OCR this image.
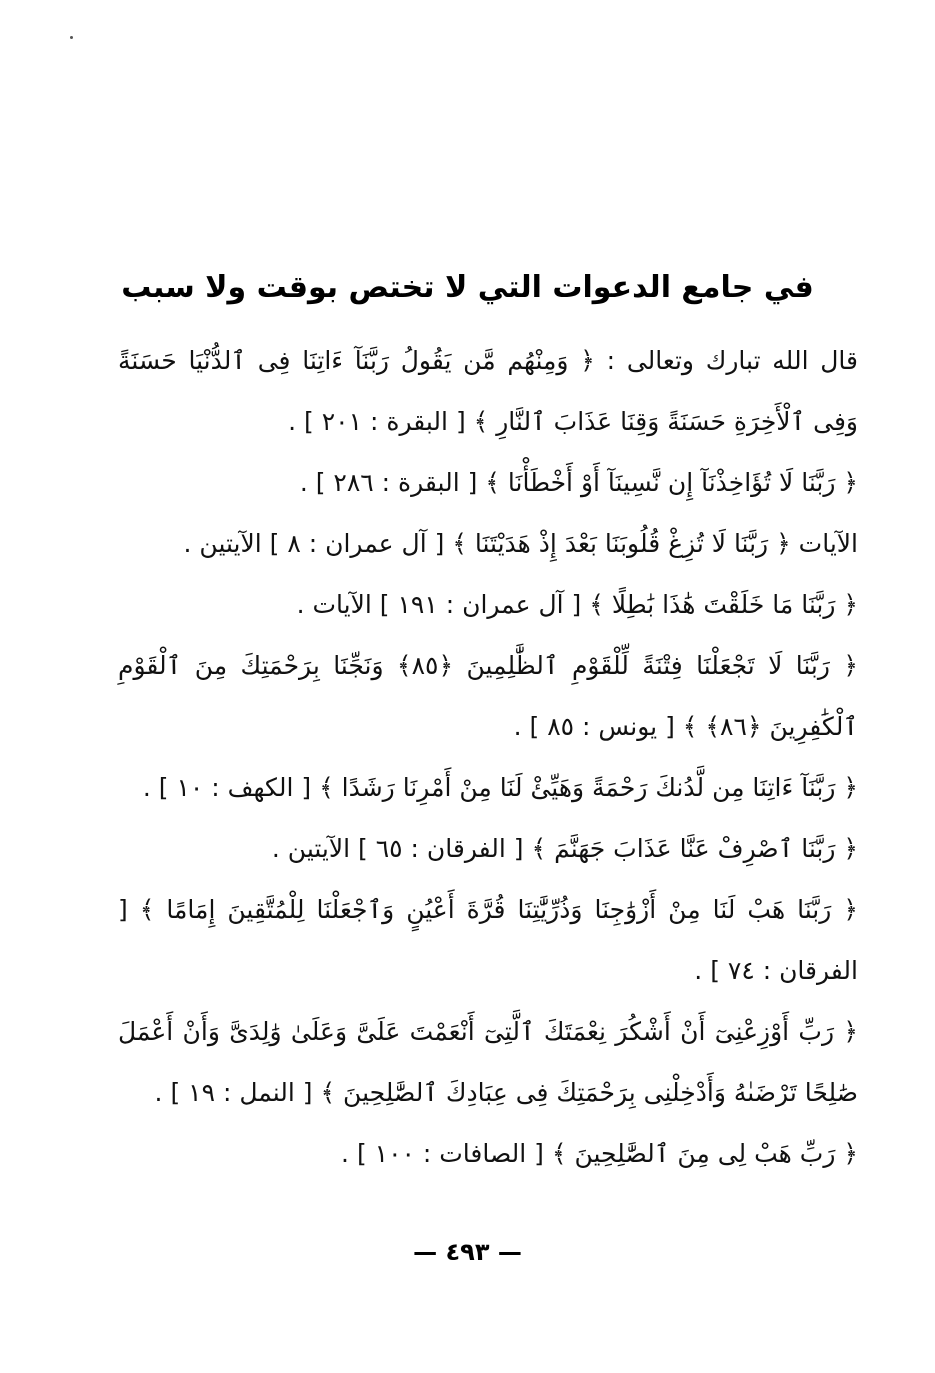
في جامع الدعوات التي لا تختص بوقت ولا سبب

قال الله تبارك وتعالى : ﴿ وَمِنْهُم مَّن يَقُولُ رَبَّنَآ ءَاتِنَا فِى ٱلدُّنْيَا حَسَنَةً وَفِى ٱلْأَخِرَةِ حَسَنَةً وَقِنَا عَذَابَ ٱلنَّارِ ﴾ [ البقرة : ٢٠١ ] .

﴿ رَبَّنَا لَا تُؤَاخِذْنَآ إِن نَّسِينَآ أَوْ أَخْطَأْنَا ﴾ [ البقرة : ٢٨٦ ] .

الآيات ﴿ رَبَّنَا لَا تُزِغْ قُلُوبَنَا بَعْدَ إِذْ هَدَيْتَنَا ﴾ [ آل عمران : ٨ ] الآيتين .

﴿ رَبَّنَا مَا خَلَقْتَ هَٰذَا بَٰطِلًا ﴾ [ آل عمران : ١٩١ ] الآيات .

﴿ رَبَّنَا لَا تَجْعَلْنَا فِتْنَةً لِّلْقَوْمِ ٱلظَّٰلِمِينَ ﴿٨٥﴾ وَنَجِّنَا بِرَحْمَتِكَ مِنَ ٱلْقَوْمِ ٱلْكَٰفِرِينَ ﴿٨٦﴾ ﴾ [ يونس : ٨٥ ] .

﴿ رَبَّنَآ ءَاتِنَا مِن لَّدُنكَ رَحْمَةً وَهَيِّئْ لَنَا مِنْ أَمْرِنَا رَشَدًا ﴾ [ الكهف : ١٠ ] .

﴿ رَبَّنَا ٱصْرِفْ عَنَّا عَذَابَ جَهَنَّمَ ﴾ [ الفرقان : ٦٥ ] الآيتين .

﴿ رَبَّنَا هَبْ لَنَا مِنْ أَزْوَٰجِنَا وَذُرِّيَّٰتِنَا قُرَّةَ أَعْيُنٍ وَٱجْعَلْنَا لِلْمُتَّقِينَ إِمَامًا ﴾ [ الفرقان : ٧٤ ] .

﴿ رَبِّ أَوْزِعْنِىٓ أَنْ أَشْكُرَ نِعْمَتَكَ ٱلَّتِىٓ أَنْعَمْتَ عَلَىَّ وَعَلَىٰ وَٰلِدَىَّ وَأَنْ أَعْمَلَ صَٰلِحًا تَرْضَىٰهُ وَأَدْخِلْنِى بِرَحْمَتِكَ فِى عِبَادِكَ ٱلصَّٰلِحِينَ ﴾ [ النمل : ١٩ ] .

﴿ رَبِّ هَبْ لِى مِنَ ٱلصَّٰلِحِينَ ﴾ [ الصافات : ١٠٠ ] .

— ٤٩٣ —
